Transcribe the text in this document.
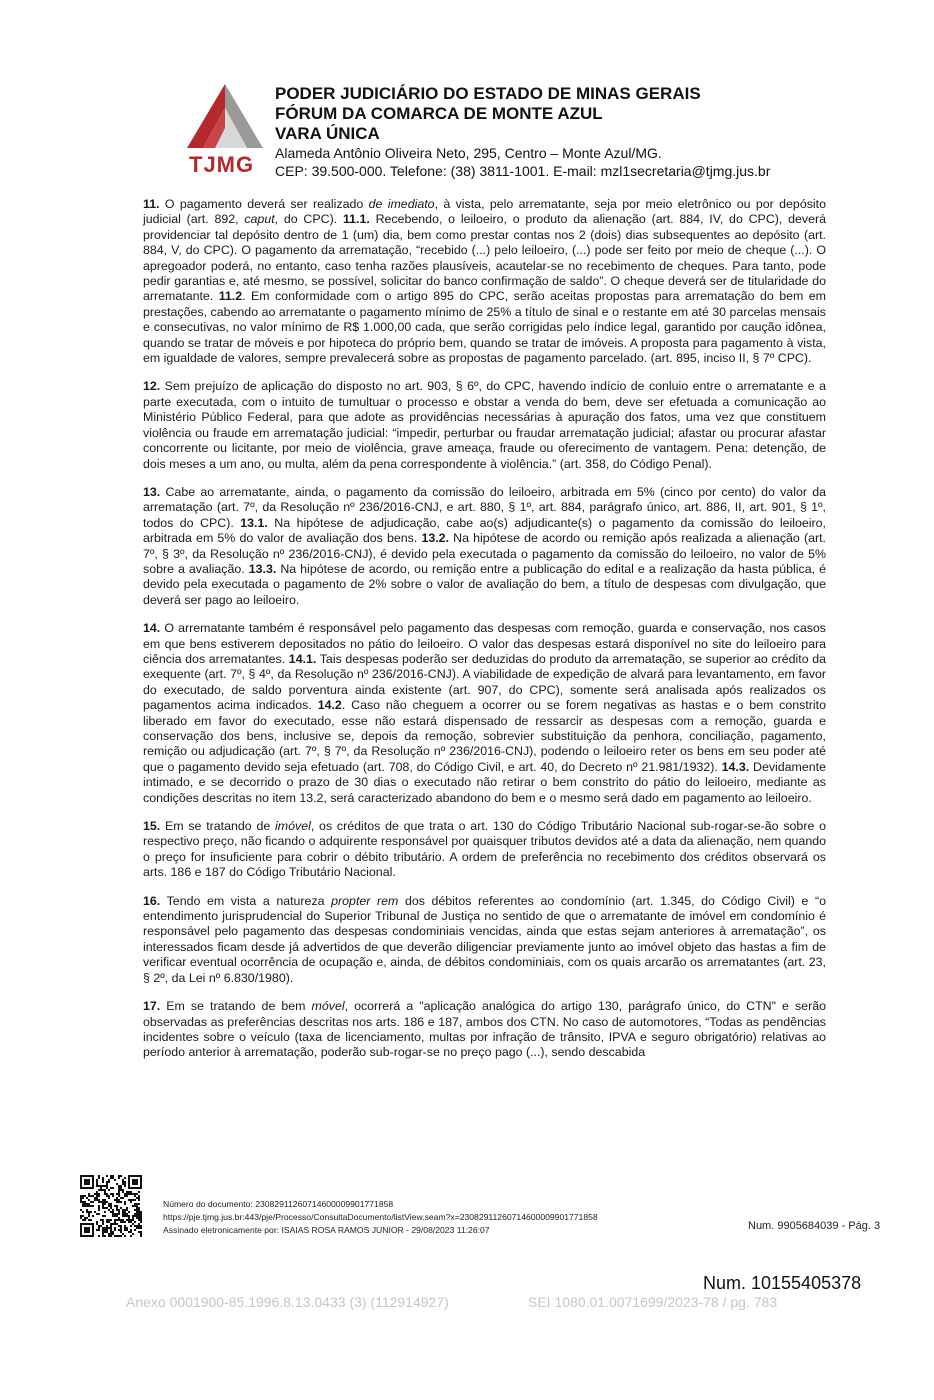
TJMG
PODER JUDICIÁRIO DO ESTADO DE MINAS GERAIS
FÓRUM DA COMARCA DE MONTE AZUL
VARA ÚNICA
Alameda Antônio Oliveira Neto, 295, Centro – Monte Azul/MG.
CEP: 39.500-000. Telefone: (38) 3811-1001. E-mail: mzl1secretaria@tjmg.jus.br

11. O pagamento deverá ser realizado de imediato, à vista, pelo arrematante, seja por meio eletrônico ou por depósito judicial (art. 892, caput, do CPC). 11.1. Recebendo, o leiloeiro, o produto da alienação (art. 884, IV, do CPC), deverá providenciar tal depósito dentro de 1 (um) dia, bem como prestar contas nos 2 (dois) dias subsequentes ao depósito (art. 884, V, do CPC). O pagamento da arrematação, “recebido (...) pelo leiloeiro, (...) pode ser feito por meio de cheque (...). O apregoador poderá, no entanto, caso tenha razões plausíveis, acautelar-se no recebimento de cheques. Para tanto, pode pedir garantias e, até mesmo, se possível, solicitar do banco confirmação de saldo”. O cheque deverá ser de titularidade do arrematante. 11.2. Em conformidade com o artigo 895 do CPC, serão aceitas propostas para arrematação do bem em prestações, cabendo ao arrematante o pagamento mínimo de 25% a título de sinal e o restante em até 30 parcelas mensais e consecutivas, no valor mínimo de R$ 1.000,00 cada, que serão corrigidas pelo índice legal, garantido por caução idônea, quando se tratar de móveis e por hipoteca do próprio bem, quando se tratar de imóveis. A proposta para pagamento à vista, em igualdade de valores, sempre prevalecerá sobre as propostas de pagamento parcelado. (art. 895, inciso II, § 7º CPC).

12. Sem prejuízo de aplicação do disposto no art. 903, § 6º, do CPC, havendo indício de conluio entre o arrematante e a parte executada, com o intuito de tumultuar o processo e obstar a venda do bem, deve ser efetuada a comunicação ao Ministério Público Federal, para que adote as providências necessárias à apuração dos fatos, uma vez que constituem violência ou fraude em arrematação judicial: “impedir, perturbar ou fraudar arrematação judicial; afastar ou procurar afastar concorrente ou licitante, por meio de violência, grave ameaça, fraude ou oferecimento de vantagem. Pena: detenção, de dois meses a um ano, ou multa, além da pena correspondente à violência.” (art. 358, do Código Penal).

13. Cabe ao arrematante, ainda, o pagamento da comissão do leiloeiro, arbitrada em 5% (cinco por cento) do valor da arrematação (art. 7º, da Resolução nº 236/2016-CNJ, e art. 880, § 1º, art. 884, parágrafo único, art. 886, II, art. 901, § 1º, todos do CPC). 13.1. Na hipótese de adjudicação, cabe ao(s) adjudicante(s) o pagamento da comissão do leiloeiro, arbitrada em 5% do valor de avaliação dos bens. 13.2. Na hipótese de acordo ou remição após realizada a alienação (art. 7º, § 3º, da Resolução nº 236/2016-CNJ), é devido pela executada o pagamento da comissão do leiloeiro, no valor de 5% sobre a avaliação. 13.3. Na hipótese de acordo, ou remição entre a publicação do edital e a realização da hasta pública, é devido pela executada o pagamento de 2% sobre o valor de avaliação do bem, a título de despesas com divulgação, que deverá ser pago ao leiloeiro.

14. O arrematante também é responsável pelo pagamento das despesas com remoção, guarda e conservação, nos casos em que bens estiverem depositados no pátio do leiloeiro. O valor das despesas estará disponível no site do leiloeiro para ciência dos arrematantes. 14.1. Tais despesas poderão ser deduzidas do produto da arrematação, se superior ao crédito da exequente (art. 7º, § 4º, da Resolução nº 236/2016-CNJ). A viabilidade de expedição de alvará para levantamento, em favor do executado, de saldo porventura ainda existente (art. 907, do CPC), somente será analisada após realizados os pagamentos acima indicados. 14.2. Caso não cheguem a ocorrer ou se forem negativas as hastas e o bem constrito liberado em favor do executado, esse não estará dispensado de ressarcir as despesas com a remoção, guarda e conservação dos bens, inclusive se, depois da remoção, sobrevier substituição da penhora, conciliação, pagamento, remição ou adjudicação (art. 7º, § 7º, da Resolução nº 236/2016-CNJ), podendo o leiloeiro reter os bens em seu poder até que o pagamento devido seja efetuado (art. 708, do Código Civil, e art. 40, do Decreto nº 21.981/1932). 14.3. Devidamente intimado, e se decorrido o prazo de 30 dias o executado não retirar o bem constrito do pátio do leiloeiro, mediante as condições descritas no item 13.2, será caracterizado abandono do bem e o mesmo será dado em pagamento ao leiloeiro.

15. Em se tratando de imóvel, os créditos de que trata o art. 130 do Código Tributário Nacional sub-rogar-se-ão sobre o respectivo preço, não ficando o adquirente responsável por quaisquer tributos devidos até a data da alienação, nem quando o preço for insuficiente para cobrir o débito tributário. A ordem de preferência no recebimento dos créditos observará os arts. 186 e 187 do Código Tributário Nacional.

16. Tendo em vista a natureza propter rem dos débitos referentes ao condomínio (art. 1.345, do Código Civil) e “o entendimento jurisprudencial do Superior Tribunal de Justiça no sentido de que o arrematante de imóvel em condomínio é responsável pelo pagamento das despesas condominiais vencidas, ainda que estas sejam anteriores à arrematação”, os interessados ficam desde já advertidos de que deverão diligenciar previamente junto ao imóvel objeto das hastas a fim de verificar eventual ocorrência de ocupação e, ainda, de débitos condominiais, com os quais arcarão os arrematantes (art. 23, § 2º, da Lei nº 6.830/1980).

17. Em se tratando de bem móvel, ocorrerá a "aplicação analógica do artigo 130, parágrafo único, do CTN" e serão observadas as preferências descritas nos arts. 186 e 187, ambos dos CTN. No caso de automotores, “Todas as pendências incidentes sobre o veículo (taxa de licenciamento, multas por infração de trânsito, IPVA e seguro obrigatório) relativas ao período anterior à arrematação, poderão sub-rogar-se no preço pago (...), sendo descabida

Número do documento: 23082911260714600009901771858
https://pje.tjmg.jus.br:443/pje/Processo/ConsultaDocumento/listView.seam?x=23082911260714600009901771858
Assinado eletronicamente por: ISAIAS ROSA RAMOS JUNIOR - 29/08/2023 11:26:07	Num. 9905684039 - Pág. 3
Num. 10155405378
Anexo 0001900-85.1996.8.13.0433 (3) (112914927)	SEI 1080.01.0071699/2023-78 / pg. 783
